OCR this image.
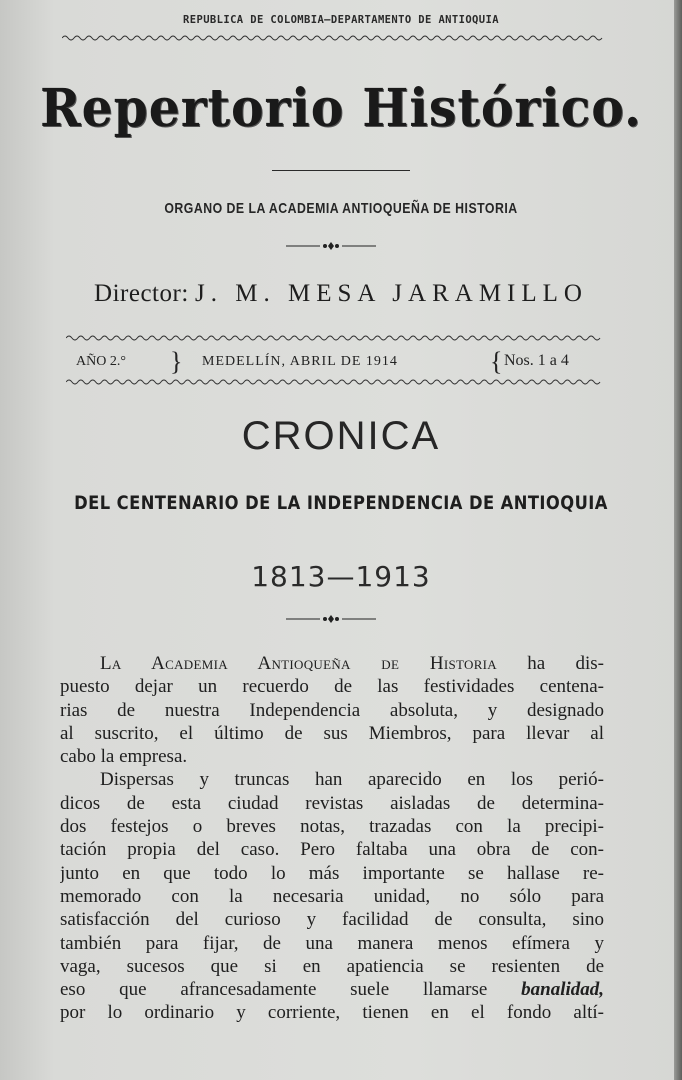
REPUBLICA DE COLOMBIA—DEPARTAMENTO DE ANTIOQUIA
Repertorio Histórico.
ORGANO DE LA ACADEMIA ANTIOQUEÑA DE HISTORIA
Director: J. M. MESA JARAMILLO
AÑO 2.° } MEDELLÍN, ABRIL DE 1914	{ Nos. 1 a 4
CRONICA
DEL CENTENARIO DE LA INDEPENDENCIA DE ANTIOQUIA
1813—1913
La Academia Antioqueña de Historia ha dis-
puesto dejar un recuerdo de las festividades centena-
rias de nuestra Independencia absoluta, y designado
al suscrito, el último de sus Miembros, para llevar al
cabo la empresa.
Dispersas y truncas han aparecido en los perió-
dicos de esta ciudad revistas aisladas de determina-
dos festejos o breves notas, trazadas con la precipi-
tación propia del caso. Pero faltaba una obra de con-
junto en que todo lo más importante se hallase re-
memorado con la necesaria unidad, no sólo para
satisfacción del curioso y facilidad de consulta, sino
también para fijar, de una manera menos efímera y
vaga, sucesos que si en apatiencia se resienten de
eso que afrancesadamente suele llamarse banalidad,
por lo ordinario y corriente, tienen en el fondo altí-
